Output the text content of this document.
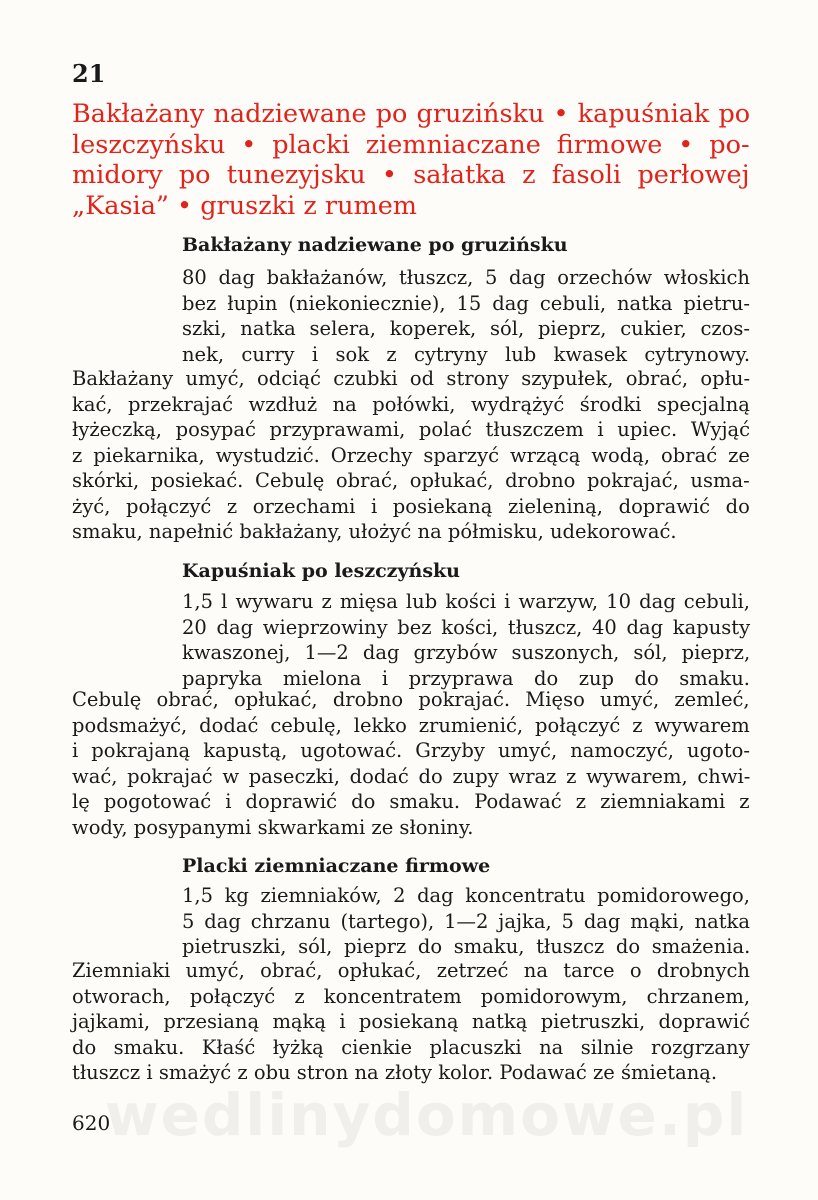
21
Bakłażany nadziewane po gruzińsku • kapuśniak po
leszczyńsku • placki ziemniaczane firmowe • po-
midory po tunezyjsku • sałatka z fasoli perłowej
„Kasia” • gruszki z rumem
Bakłażany nadziewane po gruzińsku
80 dag bakłażanów, tłuszcz, 5 dag orzechów włoskich
bez łupin (niekoniecznie), 15 dag cebuli, natka pietru-
szki, natka selera, koperek, sól, pieprz, cukier, czos-
nek, curry i sok z cytryny lub kwasek cytrynowy.
Bakłażany umyć, odciąć czubki od strony szypułek, obrać, opłu-
kać, przekrajać wzdłuż na połówki, wydrążyć środki specjalną
łyżeczką, posypać przyprawami, polać tłuszczem i upiec. Wyjąć
z piekarnika, wystudzić. Orzechy sparzyć wrzącą wodą, obrać ze
skórki, posiekać. Cebulę obrać, opłukać, drobno pokrajać, usma-
żyć, połączyć z orzechami i posiekaną zieleniną, doprawić do
smaku, napełnić bakłażany, ułożyć na półmisku, udekorować.
Kapuśniak po leszczyńsku
1,5 l wywaru z mięsa lub kości i warzyw, 10 dag cebuli,
20 dag wieprzowiny bez kości, tłuszcz, 40 dag kapusty
kwaszonej, 1—2 dag grzybów suszonych, sól, pieprz,
papryka mielona i przyprawa do zup do smaku.
Cebulę obrać, opłukać, drobno pokrajać. Mięso umyć, zemleć,
podsmażyć, dodać cebulę, lekko zrumienić, połączyć z wywarem
i pokrajaną kapustą, ugotować. Grzyby umyć, namoczyć, ugoto-
wać, pokrajać w paseczki, dodać do zupy wraz z wywarem, chwi-
lę pogotować i doprawić do smaku. Podawać z ziemniakami z
wody, posypanymi skwarkami ze słoniny.
Placki ziemniaczane firmowe
1,5 kg ziemniaków, 2 dag koncentratu pomidorowego,
5 dag chrzanu (tartego), 1—2 jajka, 5 dag mąki, natka
pietruszki, sól, pieprz do smaku, tłuszcz do smażenia.
Ziemniaki umyć, obrać, opłukać, zetrzeć na tarce o drobnych
otworach, połączyć z koncentratem pomidorowym, chrzanem,
jajkami, przesianą mąką i posiekaną natką pietruszki, doprawić
do smaku. Kłaść łyżką cienkie placuszki na silnie rozgrzany
tłuszcz i smażyć z obu stron na złoty kolor. Podawać ze śmietaną.
wedlinydomowe.pl
620
